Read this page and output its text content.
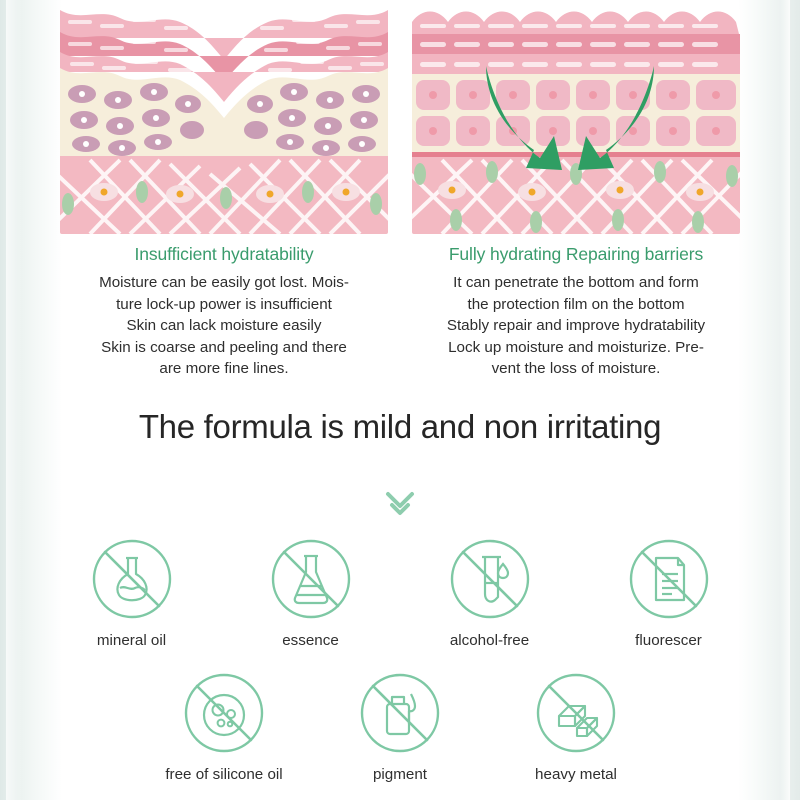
Insufficient hydratability
Moisture can be easily got lost. Mois-
ture lock-up power is insufficient
Skin can lack moisture easily
Skin is coarse and peeling and there
are more fine lines.
Fully hydrating Repairing barriers
It can penetrate the bottom and form
the protection film on the bottom
Stably repair and improve hydratability
Lock up moisture and moisturize. Pre-
vent the loss of moisture.
The formula is mild and non irritating
mineral oil	essence	alcohol-free	fluorescer
free of silicone oil	pigment	heavy metal
